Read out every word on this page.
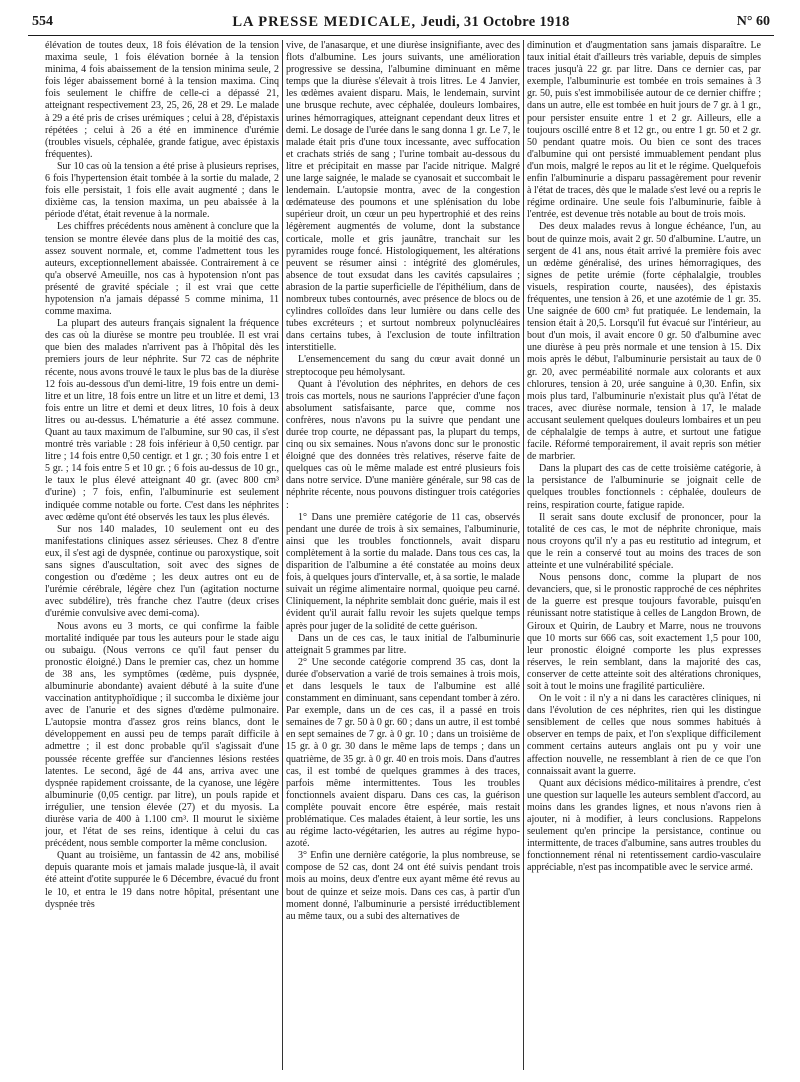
554	LA PRESSE MEDICALE, Jeudi, 31 Octobre 1918	N° 60

élévation de toutes deux, 18 fois élévation de la tension maxima seule, 1 fois élévation bornée à la tension minima, 4 fois abaissement de la tension minima seule, 2 fois léger abaissement borné à la tension maxima. Cinq fois seulement le chiffre de celle-ci a dépassé 21, atteignant respectivement 23, 25, 26, 28 et 29. Le malade à 29 a été pris de crises urémiques ; celui à 28, d'épistaxis répétées ; celui à 26 a été en imminence d'urémie (troubles visuels, céphalée, grande fatigue, avec épistaxis fréquentes).

Sur 10 cas où la tension a été prise à plusieurs reprises, 6 fois l'hypertension était tombée à la sortie du malade, 2 fois elle persistait, 1 fois elle avait augmenté ; dans le dixième cas, la tension maxima, un peu abaissée à la période d'état, était revenue à la normale.

Les chiffres précédents nous amènent à conclure que la tension se montre élevée dans plus de la moitié des cas, assez souvent normale, et, comme l'admettent tous les auteurs, exceptionnellement abaissée. Contrairement à ce qu'a observé Ameuille, nos cas à hypotension n'ont pas présenté de gravité spéciale ; il est vrai que cette hypotension n'a jamais dépassé 5 comme minima, 11 comme maxima.

La plupart des auteurs français signalent la fréquence des cas où la diurèse se montre peu troublée. Il est vrai que bien des malades n'arrivent pas à l'hôpital dès les premiers jours de leur néphrite. Sur 72 cas de néphrite récente, nous avons trouvé le taux le plus bas de la diurèse 12 fois au-dessous d'un demi-litre, 19 fois entre un demi-litre et un litre, 18 fois entre un litre et un litre et demi, 13 fois entre un litre et demi et deux litres, 10 fois à deux litres ou au-dessus. L'hématurie a été assez commune. Quant au taux maximum de l'albumine, sur 90 cas, il s'est montré très variable : 28 fois inférieur à 0,50 centigr. par litre ; 14 fois entre 0,50 centigr. et 1 gr. ; 30 fois entre 1 et 5 gr. ; 14 fois entre 5 et 10 gr. ; 6 fois au-dessus de 10 gr., le taux le plus élevé atteignant 40 gr. (avec 800 cm³ d'urine) ; 7 fois, enfin, l'albuminurie est seulement indiquée comme notable ou forte. C'est dans les néphrites avec œdème qu'ont été observés les taux les plus élevés.

Sur nos 140 malades, 10 seulement ont eu des manifestations cliniques assez sérieuses. Chez 8 d'entre eux, il s'est agi de dyspnée, continue ou paroxystique, soit sans signes d'auscultation, soit avec des signes de congestion ou d'œdème ; les deux autres ont eu de l'urémie cérébrale, légère chez l'un (agitation nocturne avec subdélire), très franche chez l'autre (deux crises d'urémie convulsive avec demi-coma).

Nous avons eu 3 morts, ce qui confirme la faible mortalité indiquée par tous les auteurs pour le stade aigu ou subaigu. (Nous verrons ce qu'il faut penser du pronostic éloigné.) Dans le premier cas, chez un homme de 38 ans, les symptômes (œdème, puis dyspnée, albuminurie abondante) avaient débuté à la suite d'une vaccination antityphoïdique ; il succomba le dixième jour avec de l'anurie et des signes d'œdème pulmonaire. L'autopsie montra d'assez gros reins blancs, dont le développement en aussi peu de temps paraît difficile à admettre ; il est donc probable qu'il s'agissait d'une poussée récente greffée sur d'anciennes lésions restées latentes. Le second, âgé de 44 ans, arriva avec une dyspnée rapidement croissante, de la cyanose, une légère albuminurie (0,05 centigr. par litre), un pouls rapide et irrégulier, une tension élevée (27) et du myosis. La diurèse varia de 400 à 1.100 cm³. Il mourut le sixième jour, et l'état de ses reins, identique à celui du cas précédent, nous semble comporter la même conclusion.

Quant au troisième, un fantassin de 42 ans, mobilisé depuis quarante mois et jamais malade jusque-là, il avait été atteint d'otite suppurée le 6 Décembre, évacué du front le 10, et entra le 19 dans notre hôpital, présentant une dyspnée très

vive, de l'anasarque, et une diurèse insignifiante, avec des flots d'albumine. Les jours suivants, une amélioration progressive se dessina, l'albumine diminuant en même temps que la diurèse s'élevait à trois litres. Le 4 Janvier, les œdèmes avaient disparu. Mais, le lendemain, survint une brusque rechute, avec céphalée, douleurs lombaires, urines hémorragiques, atteignant cependant deux litres et demi. Le dosage de l'urée dans le sang donna 1 gr. Le 7, le malade était pris d'une toux incessante, avec suffocation et crachats striés de sang ; l'urine tombait au-dessous du litre et précipitait en masse par l'acide nitrique. Malgré une large saignée, le malade se cyanosait et succombait le lendemain. L'autopsie montra, avec de la congestion œdémateuse des poumons et une splénisation du lobe supérieur droit, un cœur un peu hypertrophié et des reins légèrement augmentés de volume, dont la substance corticale, molle et gris jaunâtre, tranchait sur les pyramides rouge foncé. Histologiquement, les altérations peuvent se résumer ainsi : intégrité des glomérules, absence de tout exsudat dans les cavités capsulaires ; abrasion de la partie superficielle de l'épithélium, dans de nombreux tubes contournés, avec présence de blocs ou de cylindres colloïdes dans leur lumière ou dans celle des tubes excréteurs ; et surtout nombreux polynucléaires dans certains tubes, à l'exclusion de toute infiltration interstitielle.

L'ensemencement du sang du cœur avait donné un streptocoque peu hémolysant.

Quant à l'évolution des néphrites, en dehors de ces trois cas mortels, nous ne saurions l'apprécier d'une façon absolument satisfaisante, parce que, comme nos confrères, nous n'avons pu la suivre que pendant une durée trop courte, ne dépassant pas, la plupart du temps, cinq ou six semaines. Nous n'avons donc sur le pronostic éloigné que des données très relatives, réserve faite de quelques cas où le même malade est entré plusieurs fois dans notre service. D'une manière générale, sur 98 cas de néphrite récente, nous pouvons distinguer trois catégories :

1° Dans une première catégorie de 11 cas, observés pendant une durée de trois à six semaines, l'albuminurie, ainsi que les troubles fonctionnels, avait disparu complètement à la sortie du malade. Dans tous ces cas, la disparition de l'albumine a été constatée au moins deux fois, à quelques jours d'intervalle, et, à sa sortie, le malade suivait un régime alimentaire normal, quoique peu carné. Cliniquement, la néphrite semblait donc guérie, mais il est évident qu'il aurait fallu revoir les sujets quelque temps après pour juger de la solidité de cette guérison.

Dans un de ces cas, le taux initial de l'albuminurie atteignait 5 grammes par litre.

2° Une seconde catégorie comprend 35 cas, dont la durée d'observation a varié de trois semaines à trois mois, et dans lesquels le taux de l'albumine est allé constamment en diminuant, sans cependant tomber à zéro. Par exemple, dans un de ces cas, il a passé en trois semaines de 7 gr. 50 à 0 gr. 60 ; dans un autre, il est tombé en sept semaines de 7 gr. à 0 gr. 10 ; dans un troisième de 15 gr. à 0 gr. 30 dans le même laps de temps ; dans un quatrième, de 35 gr. à 0 gr. 40 en trois mois. Dans d'autres cas, il est tombé de quelques grammes à des traces, parfois même intermittentes. Tous les troubles fonctionnels avaient disparu. Dans ces cas, la guérison complète pouvait encore être espérée, mais restait problématique. Ces malades étaient, à leur sortie, les uns au régime lacto-végétarien, les autres au régime hypo-azoté.

3° Enfin une dernière catégorie, la plus nombreuse, se compose de 52 cas, dont 24 ont été suivis pendant trois mois au moins, deux d'entre eux ayant même été revus au bout de quinze et seize mois. Dans ces cas, à partir d'un moment donné, l'albuminurie a persisté irréductiblement au même taux, ou a subi des alternatives de

diminution et d'augmentation sans jamais disparaître. Le taux initial était d'ailleurs très variable, depuis de simples traces jusqu'à 22 gr. par litre. Dans ce dernier cas, par exemple, l'albuminurie est tombée en trois semaines à 3 gr. 50, puis s'est immobilisée autour de ce dernier chiffre ; dans un autre, elle est tombée en huit jours de 7 gr. à 1 gr., pour persister ensuite entre 1 et 2 gr. Ailleurs, elle a toujours oscillé entre 8 et 12 gr., ou entre 1 gr. 50 et 2 gr. 50 pendant quatre mois. Ou bien ce sont des traces d'albumine qui ont persisté immuablement pendant plus d'un mois, malgré le repos au lit et le régime. Quelquefois enfin l'albuminurie a disparu passagèrement pour revenir à l'état de traces, dès que le malade s'est levé ou a repris le régime ordinaire. Une seule fois l'albuminurie, faible à l'entrée, est devenue très notable au bout de trois mois.

Des deux malades revus à longue échéance, l'un, au bout de quinze mois, avait 2 gr. 50 d'albumine. L'autre, un sergent de 41 ans, nous était arrivé la première fois avec un œdème généralisé, des urines hémorragiques, des signes de petite urémie (forte céphalalgie, troubles visuels, respiration courte, nausées), des épistaxis fréquentes, une tension à 26, et une azotémie de 1 gr. 35. Une saignée de 600 cm³ fut pratiquée. Le lendemain, la tension était à 20,5. Lorsqu'il fut évacué sur l'intérieur, au bout d'un mois, il avait encore 0 gr. 50 d'albumine avec une diurèse à peu près normale et une tension à 15. Dix mois après le début, l'albuminurie persistait au taux de 0 gr. 20, avec perméabilité normale aux colorants et aux chlorures, tension à 20, urée sanguine à 0,30. Enfin, six mois plus tard, l'albuminurie n'existait plus qu'à l'état de traces, avec diurèse normale, tension à 17, le malade accusant seulement quelques douleurs lombaires et un peu de céphalalgie de temps à autre, et surtout une fatigue facile. Réformé temporairement, il avait repris son métier de marbrier.

Dans la plupart des cas de cette troisième catégorie, à la persistance de l'albuminurie se joignait celle de quelques troubles fonctionnels : céphalée, douleurs de reins, respiration courte, fatigue rapide.

Il serait sans doute exclusif de prononcer, pour la totalité de ces cas, le mot de néphrite chronique, mais nous croyons qu'il n'y a pas eu restitutio ad integrum, et que le rein a conservé tout au moins des traces de son atteinte et une vulnérabilité spéciale.

Nous pensons donc, comme la plupart de nos devanciers, que, si le pronostic rapproché de ces néphrites de la guerre est presque toujours favorable, puisqu'en réunissant notre statistique à celles de Langdon Brown, de Giroux et Quirin, de Laubry et Marre, nous ne trouvons que 10 morts sur 666 cas, soit exactement 1,5 pour 100, leur pronostic éloigné comporte les plus expresses réserves, le rein semblant, dans la majorité des cas, conserver de cette atteinte soit des altérations chroniques, soit à tout le moins une fragilité particulière.

On le voit : il n'y a ni dans les caractères cliniques, ni dans l'évolution de ces néphrites, rien qui les distingue sensiblement de celles que nous sommes habitués à observer en temps de paix, et l'on s'explique difficilement comment certains auteurs anglais ont pu y voir une affection nouvelle, ne ressemblant à rien de ce que l'on connaissait avant la guerre.

Quant aux décisions médico-militaires à prendre, c'est une question sur laquelle les auteurs semblent d'accord, au moins dans les grandes lignes, et nous n'avons rien à ajouter, ni à modifier, à leurs conclusions. Rappelons seulement qu'en principe la persistance, continue ou intermittente, de traces d'albumine, sans autres troubles du fonctionnement rénal ni retentissement cardio-vasculaire appréciable, n'est pas incompatible avec le service armé.
